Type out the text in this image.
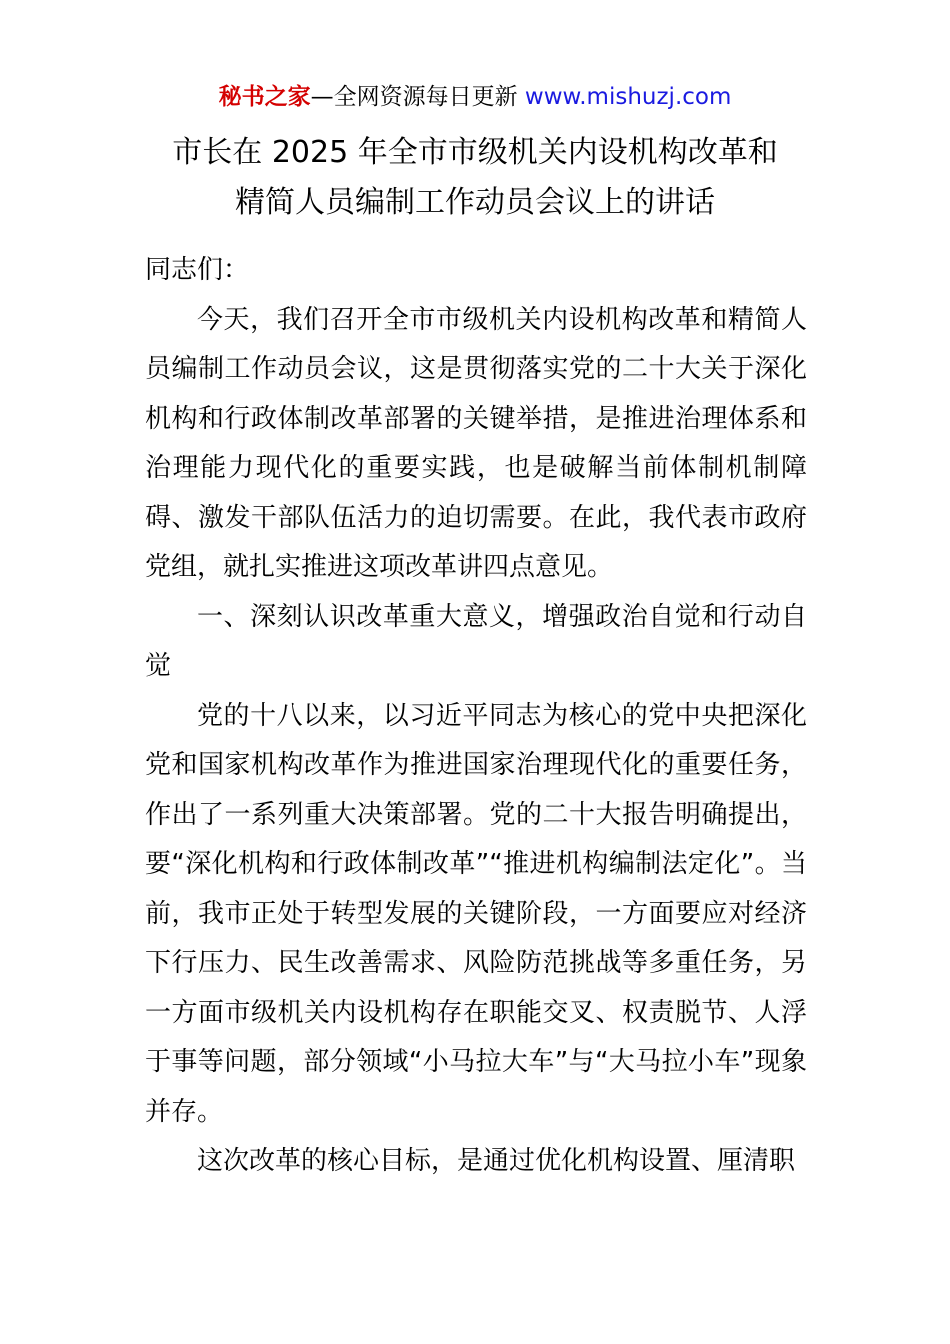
秘书之家—全网资源每日更新 www.mishuzj.com
市长在 2025 年全市市级机关内设机构改革和
精简人员编制工作动员会议上的讲话

同志们：

今天，我们召开全市市级机关内设机构改革和精简人员编制工作动员会议，这是贯彻落实党的二十大关于深化机构和行政体制改革部署的关键举措，是推进治理体系和治理能力现代化的重要实践，也是破解当前体制机制障碍、激发干部队伍活力的迫切需要。在此，我代表市政府党组，就扎实推进这项改革讲四点意见。

一、深刻认识改革重大意义，增强政治自觉和行动自觉

党的十八以来，以习近平同志为核心的党中央把深化党和国家机构改革作为推进国家治理现代化的重要任务，作出了一系列重大决策部署。党的二十大报告明确提出，要“深化机构和行政体制改革”“推进机构编制法定化”。当前，我市正处于转型发展的关键阶段，一方面要应对经济下行压力、民生改善需求、风险防范挑战等多重任务，另一方面市级机关内设机构存在职能交叉、权责脱节、人浮于事等问题，部分领域“小马拉大车”与“大马拉小车”现象并存。

这次改革的核心目标，是通过优化机构设置、厘清职
